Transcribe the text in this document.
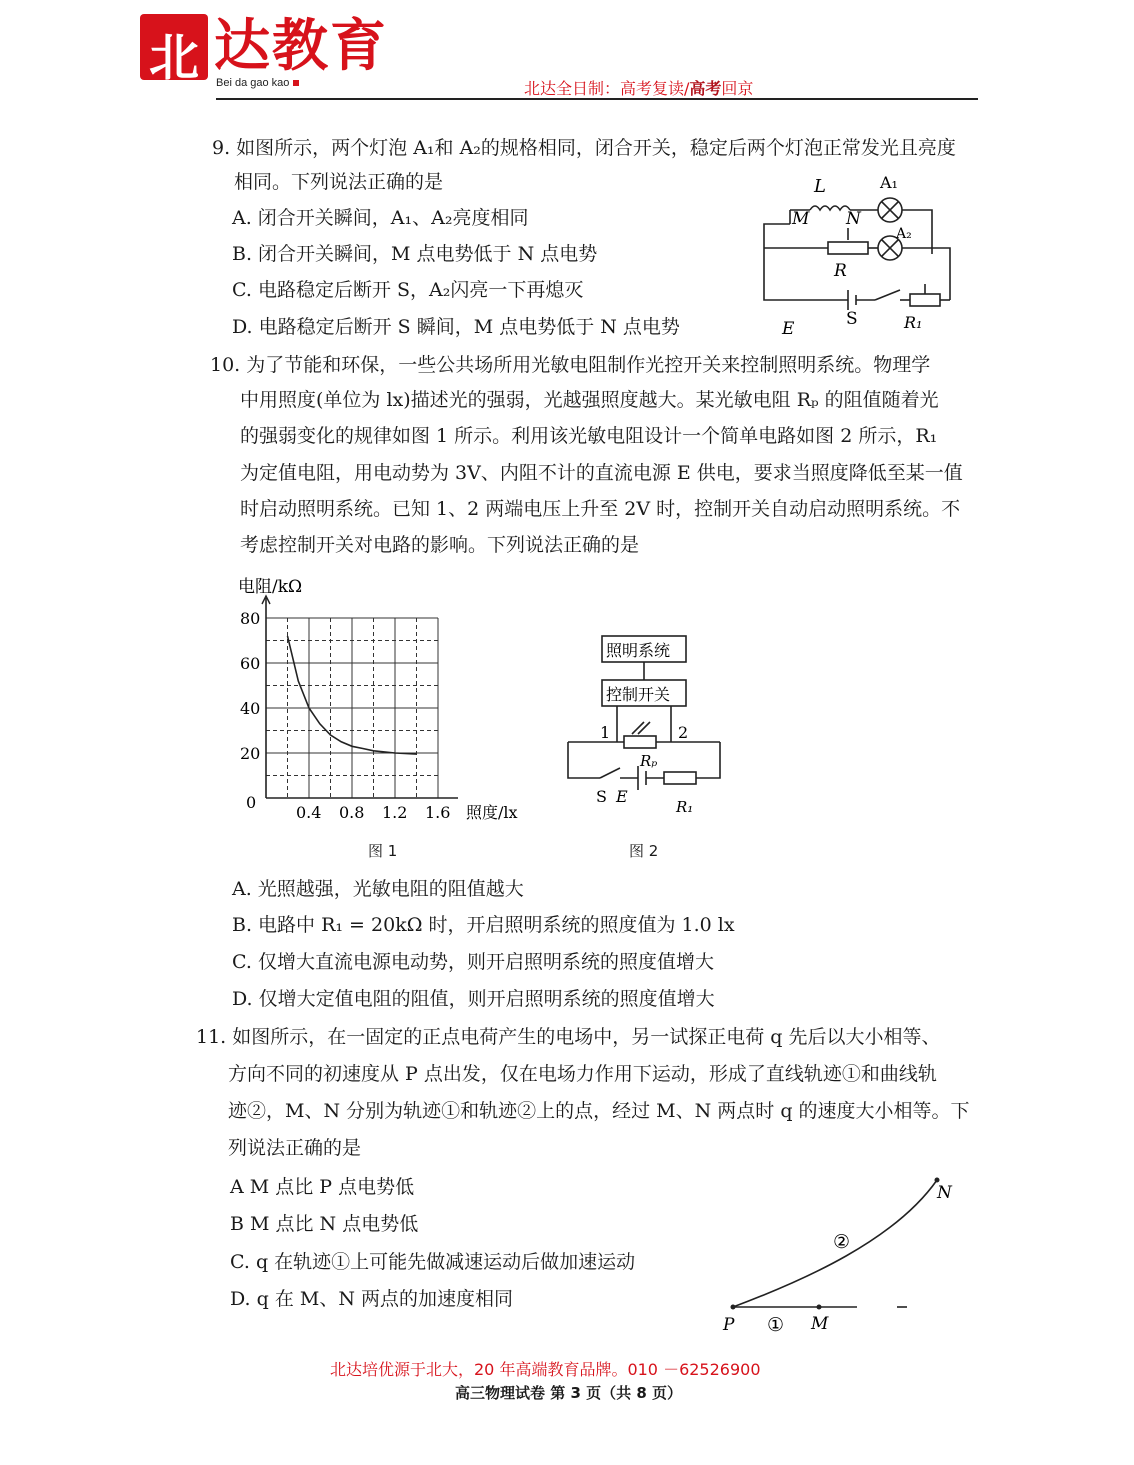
北 达教育
Bei da gao kao	北达全日制：高考复读/高考回京
9. 如图所示，两个灯泡 A₁和 A₂的规格相同，闭合开关，稳定后两个灯泡正常发光且亮度
相同。下列说法正确的是
A. 闭合开关瞬间，A₁、A₂亮度相同
B. 闭合开关瞬间，M 点电势低于 N 点电势
C. 电路稳定后断开 S，A₂闪亮一下再熄灭
D. 电路稳定后断开 S 瞬间，M 点电势低于 N 点电势
L	A₁
A₂
M N
R
E	S	R₁
10. 为了节能和环保，一些公共场所用光敏电阻制作光控开关来控制照明系统。物理学
中用照度(单位为 lx)描述光的强弱，光越强照度越大。某光敏电阻 Rₚ 的阻值随着光
的强弱变化的规律如图 1 所示。利用该光敏电阻设计一个简单电路如图 2 所示，R₁
为定值电阻，用电动势为 3V、内阻不计的直流电源 E 供电，要求当照度降低至某一值
时启动照明系统。已知 1、2 两端电压上升至 2V 时，控制开关自动启动照明系统。不
考虑控制开关对电路的影响。下列说法正确的是
电阻/kΩ
0.4 0.8 1.2 1.6
20
40
60
80
0
照度/lx
照明系统
控制开关
1	2
Rₚ
S E
R₁
图 1	图 2
A. 光照越强，光敏电阻的阻值越大
B. 电路中 R₁ = 20kΩ 时，开启照明系统的照度值为 1.0 lx
C. 仅增大直流电源电动势，则开启照明系统的照度值增大
D. 仅增大定值电阻的阻值，则开启照明系统的照度值增大
11. 如图所示，在一固定的正点电荷产生的电场中，另一试探正电荷 q 先后以大小相等、
方向不同的初速度从 P 点出发，仅在电场力作用下运动，形成了直线轨迹①和曲线轨
迹②，M、N 分别为轨迹①和轨迹②上的点，经过 M、N 两点时 q 的速度大小相等。下
列说法正确的是
A M 点比 P 点电势低
B M 点比 N 点电势低
C. q 在轨迹①上可能先做减速运动后做加速运动
D. q 在 M、N 两点的加速度相同
P ① M
N
②
北达培优源于北大，20 年高端教育品牌。010 －62526900
高三物理试卷 第 3 页（共 8 页）
